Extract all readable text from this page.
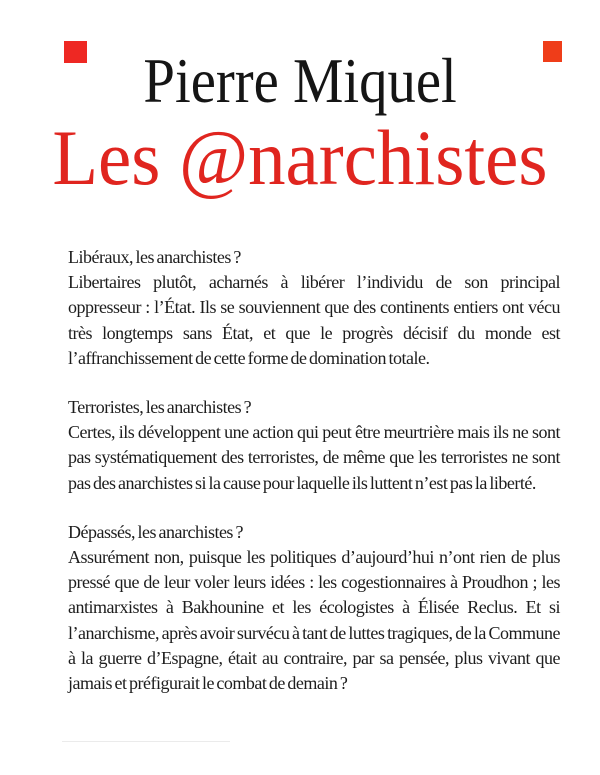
Pierre Miquel
Les @narchistes
Libéraux, les anarchistes ?
Libertaires plutôt, acharnés à libérer l’individu de son principal oppresseur : l’État. Ils se souviennent que des continents entiers ont vécu très longtemps sans État, et que le progrès décisif du monde est l’affranchissement de cette forme de domination totale.
Terroristes, les anarchistes ?
Certes, ils développent une action qui peut être meurtrière mais ils ne sont pas systématiquement des terroristes, de même que les terroristes ne sont pas des anarchistes si la cause pour laquelle ils luttent n’est pas la liberté.
Dépassés, les anarchistes ?
Assurément non, puisque les politiques d’aujourd’hui n’ont rien de plus pressé que de leur voler leurs idées : les cogestionnaires à Proudhon ; les antimarxistes à Bakhounine et les écologistes à Élisée Reclus. Et si l’anarchisme, après avoir survécu à tant de luttes tragiques, de la Commune à la guerre d’Espagne, était au contraire, par sa pensée, plus vivant que jamais et préfigurait le combat de demain ?
